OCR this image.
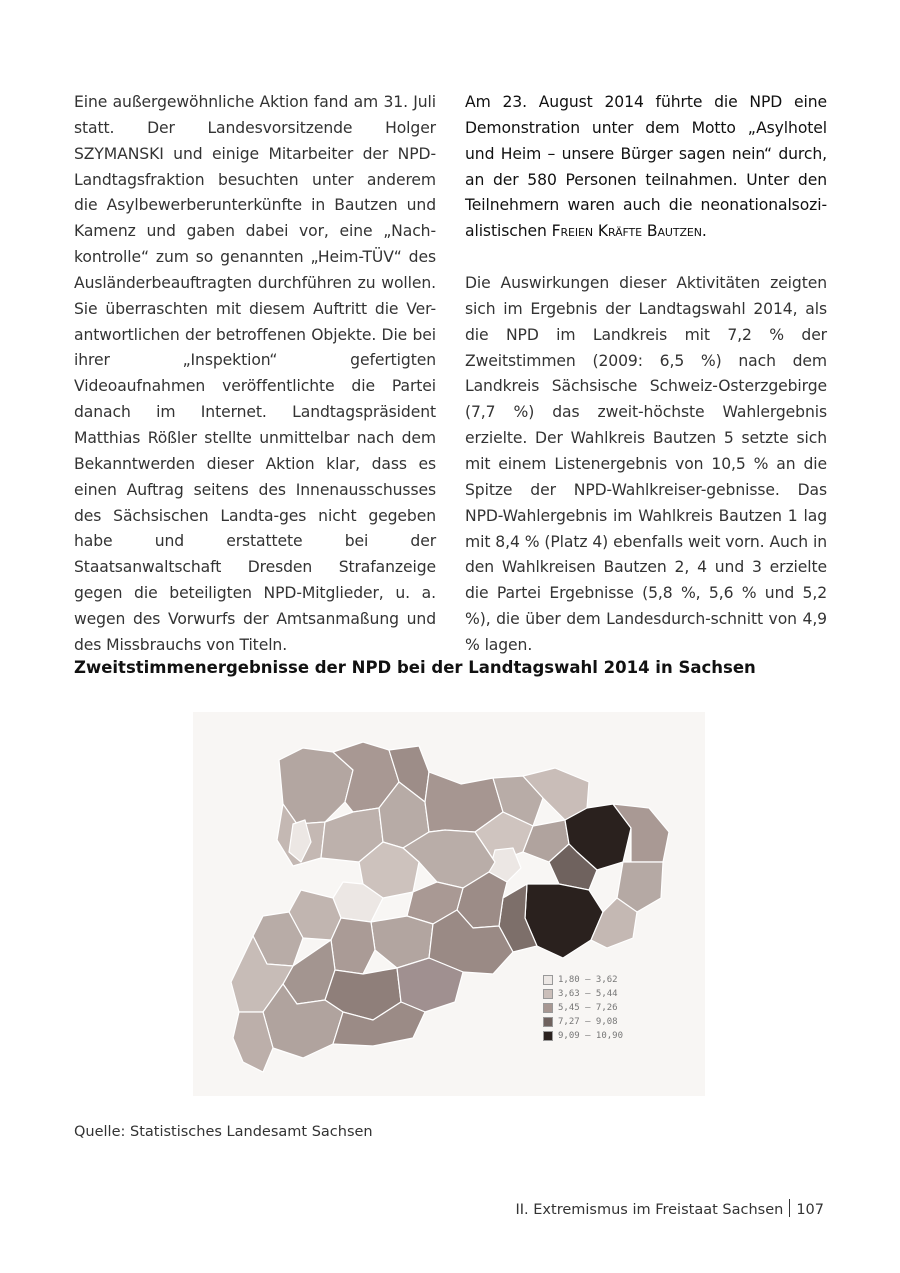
Eine außergewöhnliche Aktion fand am 31. Juli statt. Der Landesvorsitzende Holger SZYMANSKI und einige Mitarbeiter der NPD-Landtagsfraktion besuchten unter anderem die Asylbewerberunterkünfte in Bautzen und Kamenz und gaben dabei vor, eine „Nach-kontrolle“ zum so genannten „Heim-TÜV“ des Ausländerbeauftragten durchführen zu wollen. Sie überraschten mit diesem Auftritt die Ver-antwortlichen der betroffenen Objekte. Die bei ihrer „Inspektion“ gefertigten Videoaufnahmen veröffentlichte die Partei danach im Internet. Landtagspräsident Matthias Rößler stellte unmittelbar nach dem Bekanntwerden dieser Aktion klar, dass es einen Auftrag seitens des Innenausschusses des Sächsischen Landta-ges nicht gegeben habe und erstattete bei	der Staatsanwaltschaft Dresden Strafanzeige gegen die beteiligten NPD-Mitglieder, u. a. wegen des Vorwurfs der Amtsanmaßung und des Missbrauchs von Titeln.

Am 23. August 2014 führte die NPD eine Demonstration unter dem Motto „Asylhotel und Heim – unsere Bürger sagen nein“ durch, an der 580 Personen teilnahmen. Unter den Teilnehmern waren auch die neonationalsozi-alistischen Freien Kräfte Bautzen.

Die Auswirkungen dieser Aktivitäten zeigten sich im Ergebnis der Landtagswahl 2014, als die NPD im Landkreis mit 7,2 % der Zweitstimmen (2009: 6,5 %) nach dem Landkreis Sächsische Schweiz-Osterzgebirge (7,7 %) das zweit-höchste Wahlergebnis erzielte. Der Wahlkreis Bautzen 5 setzte sich mit einem Listenergebnis von 10,5 % an die Spitze der NPD-Wahlkreiser-gebnisse. Das NPD-Wahlergebnis im Wahlkreis Bautzen 1 lag mit 8,4 % (Platz 4) ebenfalls weit vorn. Auch in den Wahlkreisen Bautzen 2, 4 und 3 erzielte die Partei Ergebnisse (5,8 %, 5,6 % und 5,2 %), die über dem Landesdurch-schnitt von 4,9 % lagen.

Zweitstimmenergebnisse der NPD bei der Landtagswahl 2014 in Sachsen
1,80 – 3,62
3,63 – 5,44
5,45 – 7,26
7,27 – 9,08
9,09 – 10,90
Quelle: Statistisches Landesamt Sachsen
II. Extremismus im Freistaat Sachsen 107
